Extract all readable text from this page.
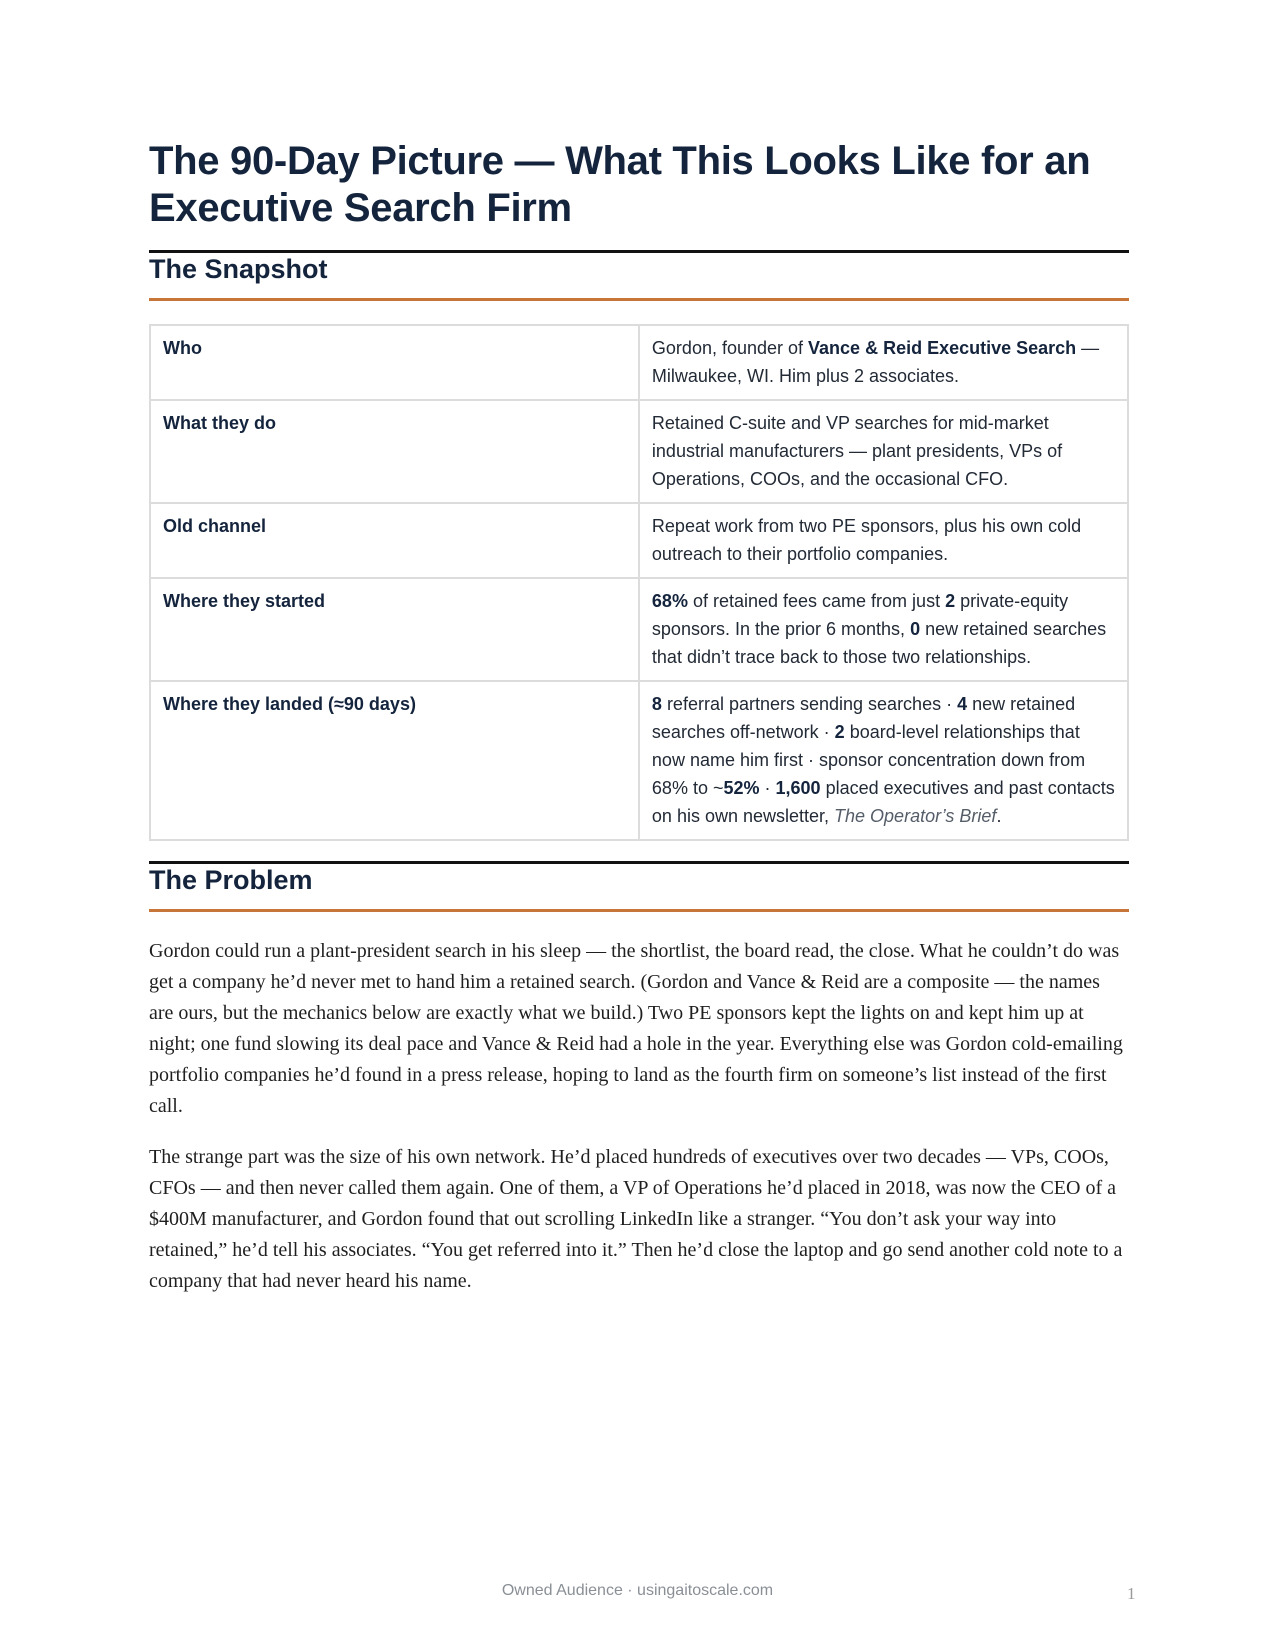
The 90-Day Picture — What This Looks Like for an Executive Search Firm
The Snapshot
Who	Gordon, founder of Vance & Reid Executive Search — Milwaukee, WI. Him plus 2 associates.
What they do	Retained C-suite and VP searches for mid-market industrial manufacturers — plant presidents, VPs of Operations, COOs, and the occasional CFO.
Old channel	Repeat work from two PE sponsors, plus his own cold outreach to their portfolio companies.
Where they started	68% of retained fees came from just 2 private-equity sponsors. In the prior 6 months, 0 new retained searches that didn’t trace back to those two relationships.
Where they landed (≈90 days)	8 referral partners sending searches · 4 new retained searches off-network · 2 board-level relationships that now name him first · sponsor concentration down from 68% to ~52% · 1,600 placed executives and past contacts on his own newsletter, The Operator’s Brief.
The Problem

Gordon could run a plant-president search in his sleep — the shortlist, the board read, the close. What he couldn’t do was get a company he’d never met to hand him a retained search. (Gordon and Vance & Reid are a composite — the names are ours, but the mechanics below are exactly what we build.) Two PE sponsors kept the lights on and kept him up at night; one fund slowing its deal pace and Vance & Reid had a hole in the year. Everything else was Gordon cold-emailing portfolio companies he’d found in a press release, hoping to land as the fourth firm on someone’s list instead of the first call.

The strange part was the size of his own network. He’d placed hundreds of executives over two decades — VPs, COOs, CFOs — and then never called them again. One of them, a VP of Operations he’d placed in 2018, was now the CEO of a $400M manufacturer, and Gordon found that out scrolling LinkedIn like a stranger. “You don’t ask your way into retained,” he’d tell his associates. “You get referred into it.” Then he’d close the laptop and go send another cold note to a company that had never heard his name.

Owned Audience · usingaitoscale.com	1
